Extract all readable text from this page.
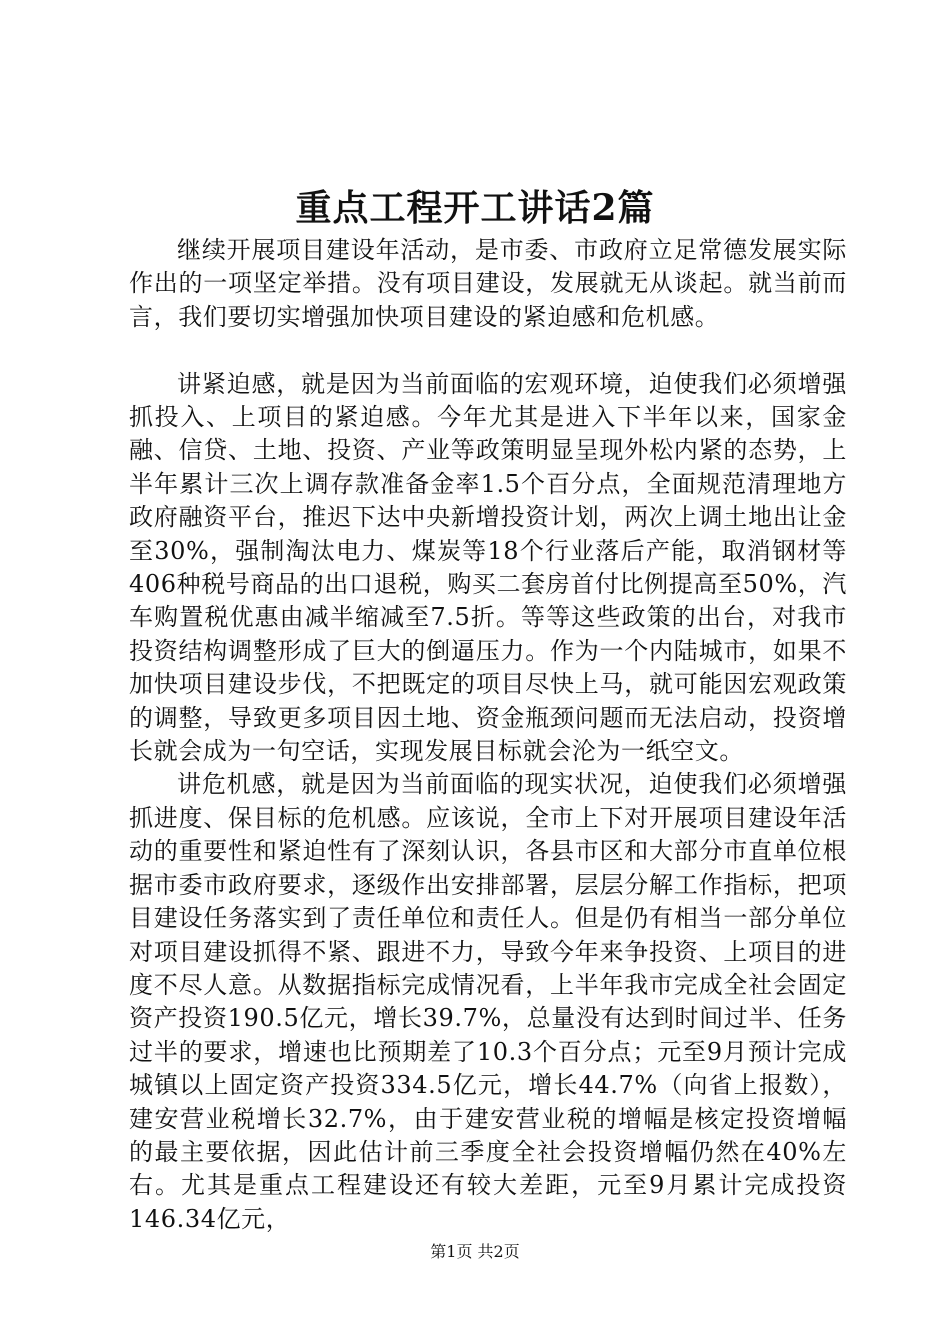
重点工程开工讲话2篇

继续开展项目建设年活动，是市委、市政府立足常德发展实际作出的一项坚定举措。没有项目建设，发展就无从谈起。就当前而言，我们要切实增强加快项目建设的紧迫感和危机感。

讲紧迫感，就是因为当前面临的宏观环境，迫使我们必须增强抓投入、上项目的紧迫感。今年尤其是进入下半年以来，国家金融、信贷、土地、投资、产业等政策明显呈现外松内紧的态势，上半年累计三次上调存款准备金率1.5个百分点，全面规范清理地方政府融资平台，推迟下达中央新增投资计划，两次上调土地出让金至30%，强制淘汰电力、煤炭等18个行业落后产能，取消钢材等406种税号商品的出口退税，购买二套房首付比例提高至50%，汽车购置税优惠由减半缩减至7.5折。等等这些政策的出台，对我市投资结构调整形成了巨大的倒逼压力。作为一个内陆城市，如果不加快项目建设步伐，不把既定的项目尽快上马，就可能因宏观政策的调整，导致更多项目因土地、资金瓶颈问题而无法启动，投资增长就会成为一句空话，实现发展目标就会沦为一纸空文。

讲危机感，就是因为当前面临的现实状况，迫使我们必须增强抓进度、保目标的危机感。应该说，全市上下对开展项目建设年活动的重要性和紧迫性有了深刻认识，各县市区和大部分市直单位根据市委市政府要求，逐级作出安排部署，层层分解工作指标，把项目建设任务落实到了责任单位和责任人。但是仍有相当一部分单位对项目建设抓得不紧、跟进不力，导致今年来争投资、上项目的进度不尽人意。从数据指标完成情况看，上半年我市完成全社会固定资产投资190.5亿元，增长39.7%，总量没有达到时间过半、任务过半的要求，增速也比预期差了10.3个百分点；元至9月预计完成城镇以上固定资产投资334.5亿元，增长44.7%（向省上报数），建安营业税增长32.7%，由于建安营业税的增幅是核定投资增幅的最主要依据，因此估计前三季度全社会投资增幅仍然在40%左右。尤其是重点工程建设还有较大差距，元至9月累计完成投资146.34亿元，

第1页 共2页
